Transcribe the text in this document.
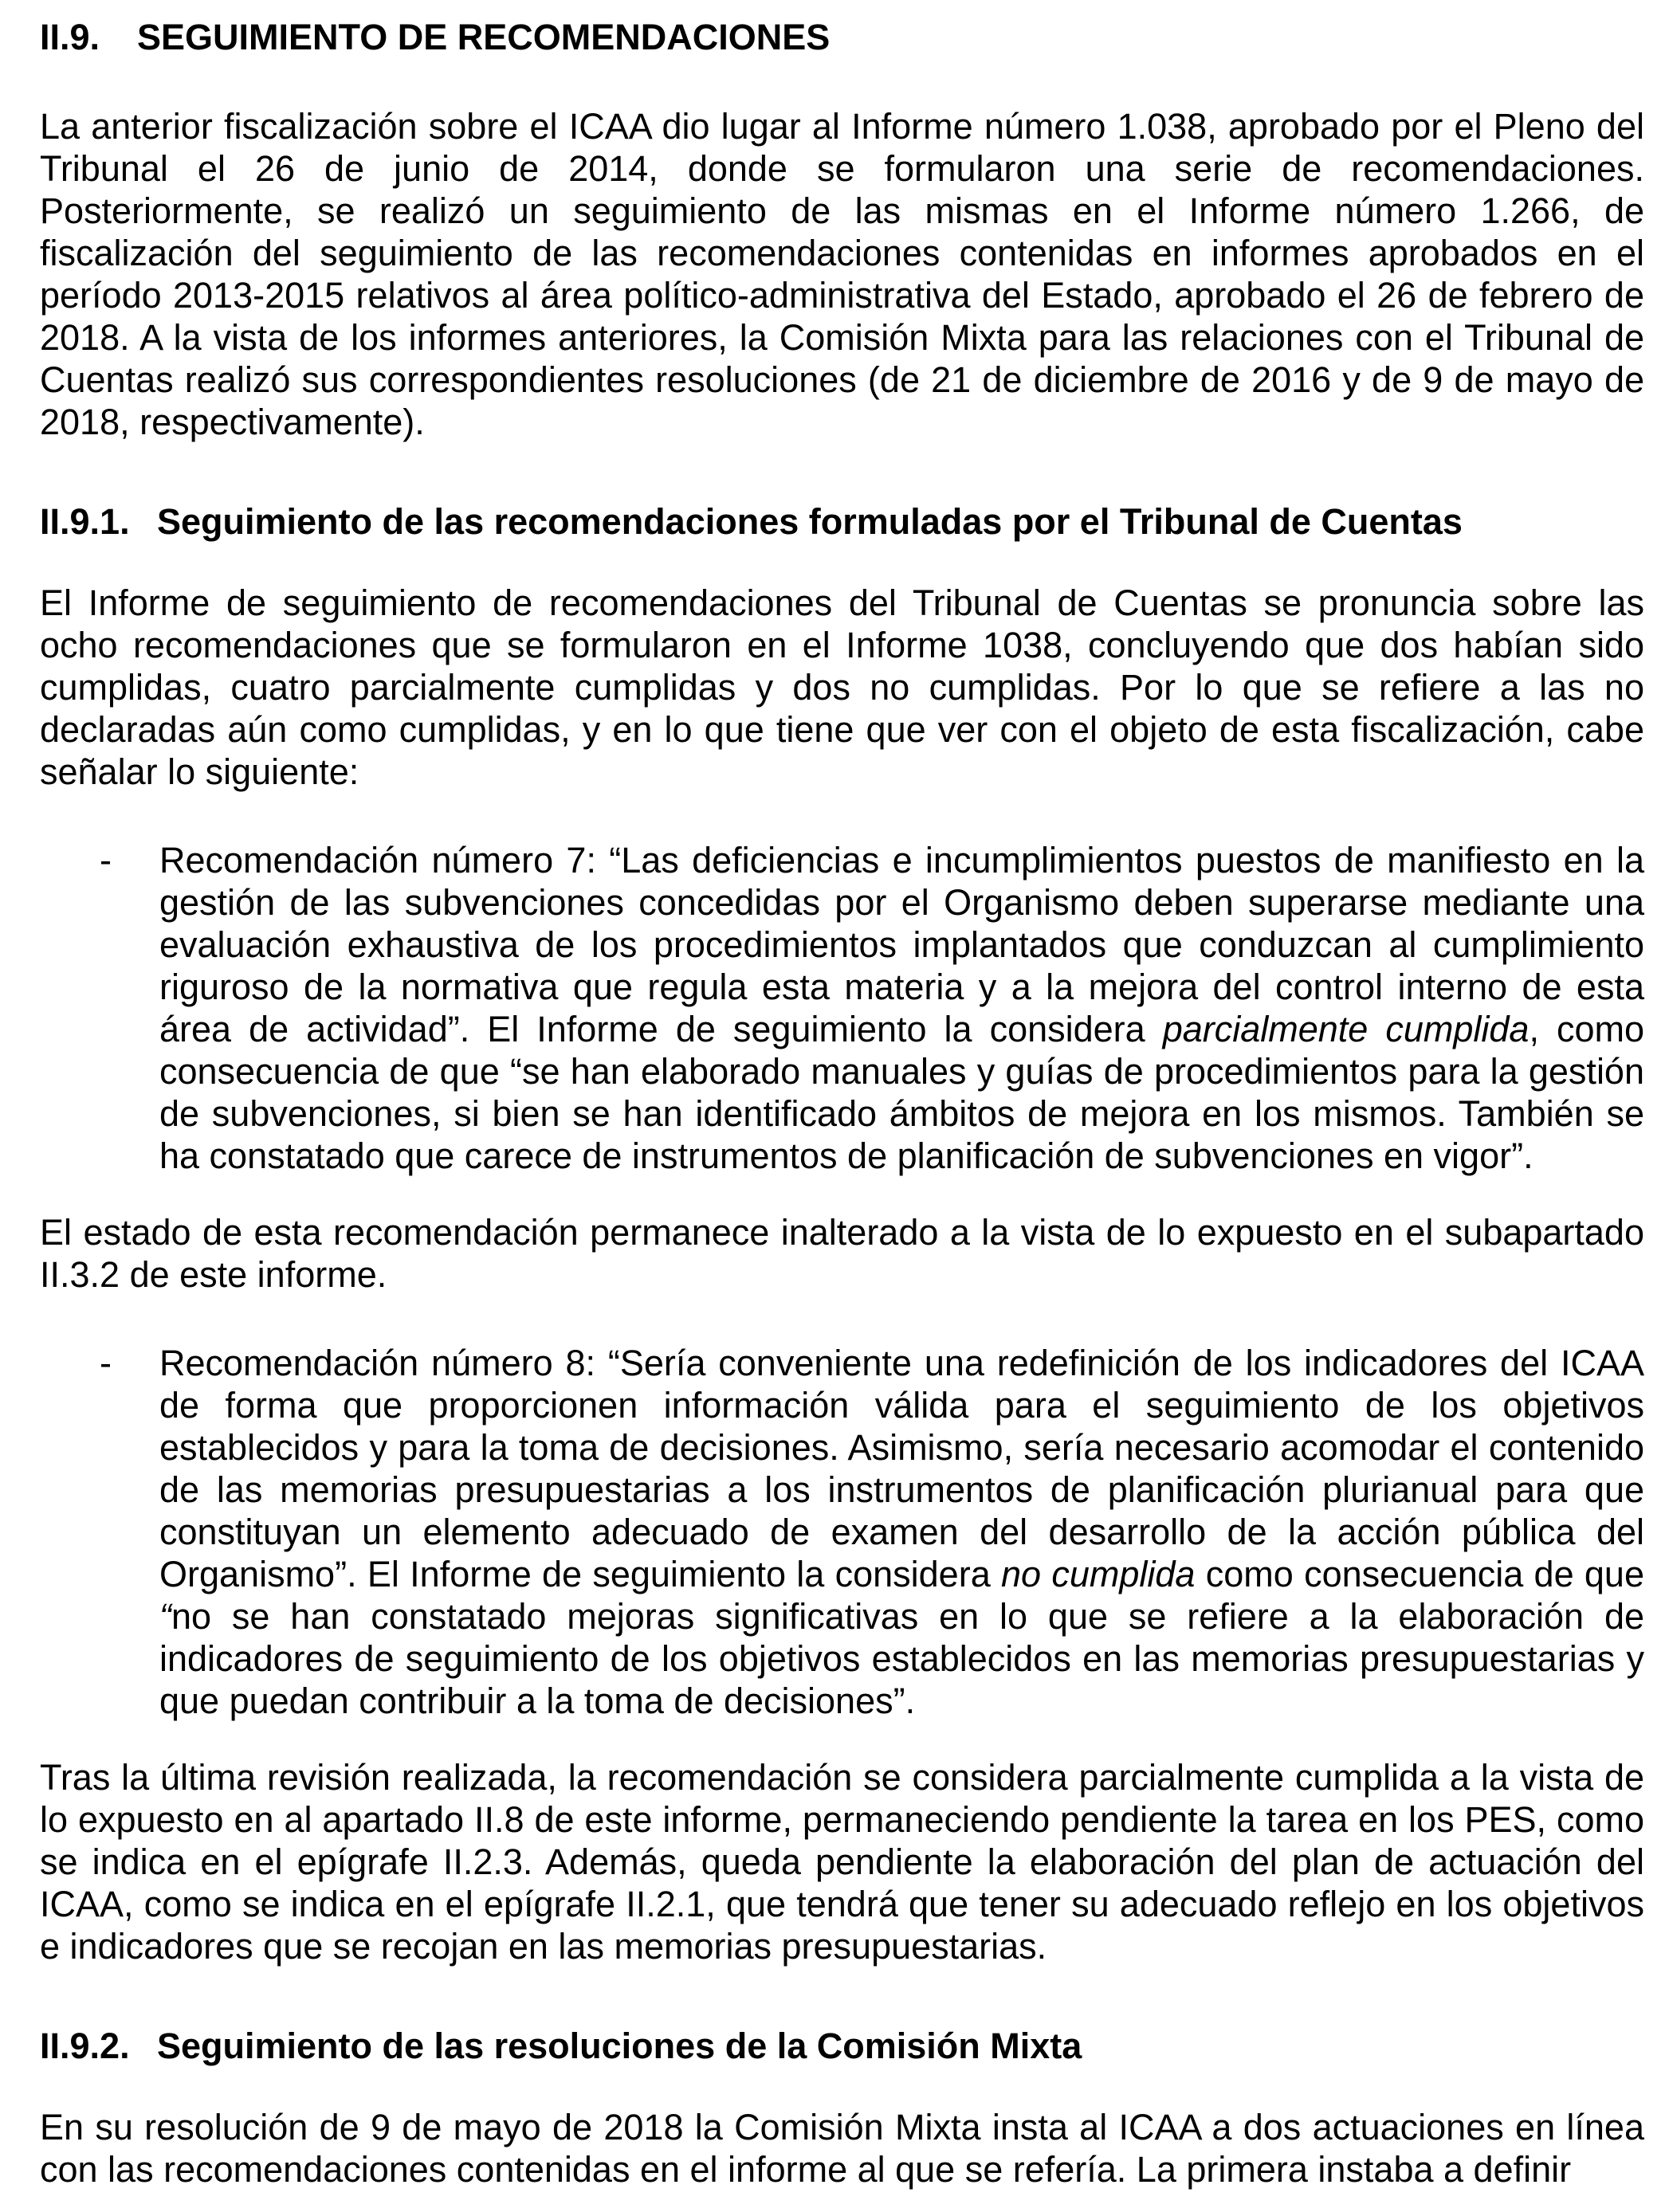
II.9. SEGUIMIENTO DE RECOMENDACIONES

La anterior fiscalización sobre el ICAA dio lugar al Informe número 1.038, aprobado por el Pleno del Tribunal el 26 de junio de 2014, donde se formularon una serie de recomendaciones. Posteriormente, se realizó un seguimiento de las mismas en el Informe número 1.266, de fiscalización del seguimiento de las recomendaciones contenidas en informes aprobados en el período 2013-2015 relativos al área político-administrativa del Estado, aprobado el 26 de febrero de 2018. A la vista de los informes anteriores, la Comisión Mixta para las relaciones con el Tribunal de Cuentas realizó sus correspondientes resoluciones (de 21 de diciembre de 2016 y de 9 de mayo de 2018, respectivamente).

II.9.1. Seguimiento de las recomendaciones formuladas por el Tribunal de Cuentas

El Informe de seguimiento de recomendaciones del Tribunal de Cuentas se pronuncia sobre las ocho recomendaciones que se formularon en el Informe 1038, concluyendo que dos habían sido cumplidas, cuatro parcialmente cumplidas y dos no cumplidas. Por lo que se refiere a las no declaradas aún como cumplidas, y en lo que tiene que ver con el objeto de esta fiscalización, cabe señalar lo siguiente:

- Recomendación número 7: “Las deficiencias e incumplimientos puestos de manifiesto en la gestión de las subvenciones concedidas por el Organismo deben superarse mediante una evaluación exhaustiva de los procedimientos implantados que conduzcan al cumplimiento riguroso de la normativa que regula esta materia y a la mejora del control interno de esta área de actividad”. El Informe de seguimiento la considera parcialmente cumplida, como consecuencia de que “se han elaborado manuales y guías de procedimientos para la gestión de subvenciones, si bien se han identificado ámbitos de mejora en los mismos. También se ha constatado que carece de instrumentos de planificación de subvenciones en vigor”.

El estado de esta recomendación permanece inalterado a la vista de lo expuesto en el subapartado II.3.2 de este informe.

- Recomendación número 8: “Sería conveniente una redefinición de los indicadores del ICAA de forma que proporcionen información válida para el seguimiento de los objetivos establecidos y para la toma de decisiones. Asimismo, sería necesario acomodar el contenido de las memorias presupuestarias a los instrumentos de planificación plurianual para que constituyan un elemento adecuado de examen del desarrollo de la acción pública del Organismo”. El Informe de seguimiento la considera no cumplida como consecuencia de que “no se han constatado mejoras significativas en lo que se refiere a la elaboración de indicadores de seguimiento de los objetivos establecidos en las memorias presupuestarias y que puedan contribuir a la toma de decisiones”.

Tras la última revisión realizada, la recomendación se considera parcialmente cumplida a la vista de lo expuesto en al apartado II.8 de este informe, permaneciendo pendiente la tarea en los PES, como se indica en el epígrafe II.2.3. Además, queda pendiente la elaboración del plan de actuación del ICAA, como se indica en el epígrafe II.2.1, que tendrá que tener su adecuado reflejo en los objetivos e indicadores que se recojan en las memorias presupuestarias.

II.9.2. Seguimiento de las resoluciones de la Comisión Mixta

En su resolución de 9 de mayo de 2018 la Comisión Mixta insta al ICAA a dos actuaciones en línea con las recomendaciones contenidas en el informe al que se refería. La primera instaba a definir
